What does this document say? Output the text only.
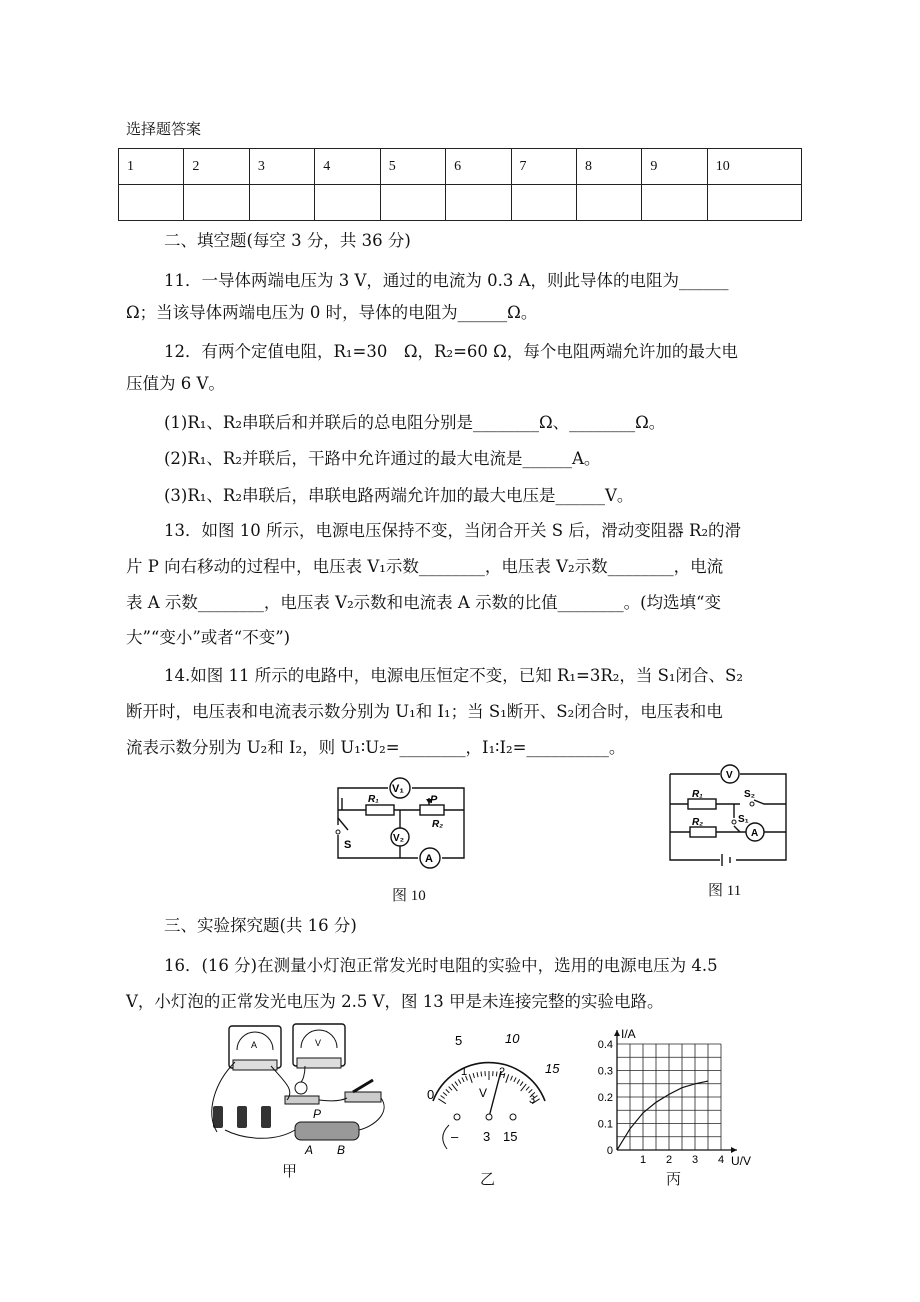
选择题答案
1	2	3	4	5	6	7	8	9	10

二、填空题(每空 3 分，共 36 分)
11．一导体两端电压为 3 V，通过的电流为 0.3 A，则此导体的电阻为______
Ω；当该导体两端电压为 0 时，导体的电阻为______Ω。
12．有两个定值电阻，R₁=30　Ω，R₂=60 Ω，每个电阻两端允许加的最大电
压值为 6 V。
(1)R₁、R₂串联后和并联后的总电阻分别是________Ω、________Ω。
(2)R₁、R₂并联后，干路中允许通过的最大电流是______A。
(3)R₁、R₂串联后，串联电路两端允许加的最大电压是______V。
13．如图 10 所示，电源电压保持不变，当闭合开关 S 后，滑动变阻器 R₂的滑
片 P 向右移动的过程中，电压表 V₁示数________，电压表 V₂示数________，电流
表 A 示数________，电压表 V₂示数和电流表 A 示数的比值________。(均选填“变
大”“变小”或者“不变”)
14.如图 11 所示的电路中，电源电压恒定不变，已知 R₁=3R₂，当 S₁闭合、S₂
断开时，电压表和电流表示数分别为 U₁和 I₁；当 S₁断开、S₂闭合时，电压表和电
流表示数分别为 U₂和 I₂，则 U₁∶U₂=________，I₁∶I₂=__________。
V₁
R₁	P
R₂
V₂
S
A
图 10
V
R₁	S₂
R₂	S₁
A
图 11
三、实验探究题(共 16 分)
16．(16 分)在测量小灯泡正常发光时电阻的实验中，选用的电源电压为 4.5
V，小灯泡的正常发光电压为 2.5 V，图 13 甲是未连接完整的实验电路。
A	V
P
A B
甲
0
5	10
15
1	2
3
V
– 3 15
乙
1 2 3 4
0
0.1
0.2
0.3
0.4
I/A
U/V
丙
